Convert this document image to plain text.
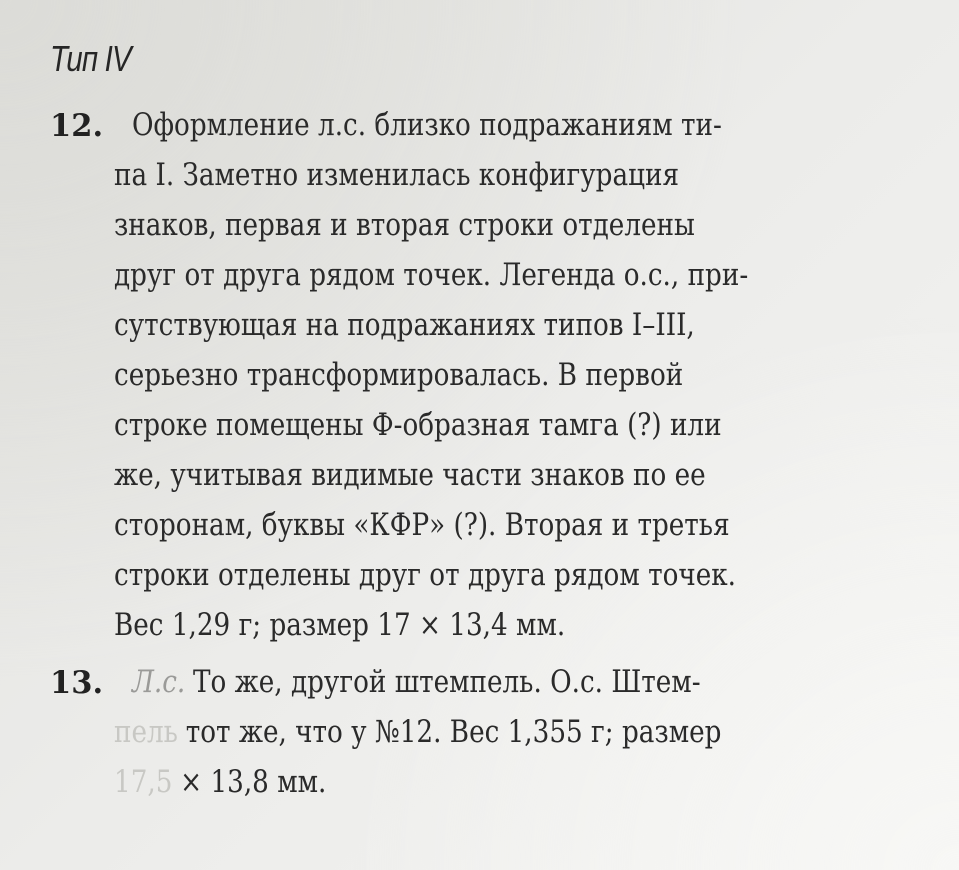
Тип IV
12. Оформление л.с. близко подражаниям ти-
па I. Заметно изменилась конфигурация
знаков, первая и вторая строки отделены
друг от друга рядом точек. Легенда о.с., при-
сутствующая на подражаниях типов I–III,
серьезно трансформировалась. В первой
строке помещены Ф-образная тамга (?) или
же, учитывая видимые части знаков по ее
сторонам, буквы «КФР» (?). Вторая и третья
строки отделены друг от друга рядом точек.
Вес 1,29 г; размер 17 × 13,4 мм.
13. Л.с. То же, другой штемпель. О.с. Штем-
пель тот же, что у №12. Вес 1,355 г; размер
17,5 × 13,8 мм.
